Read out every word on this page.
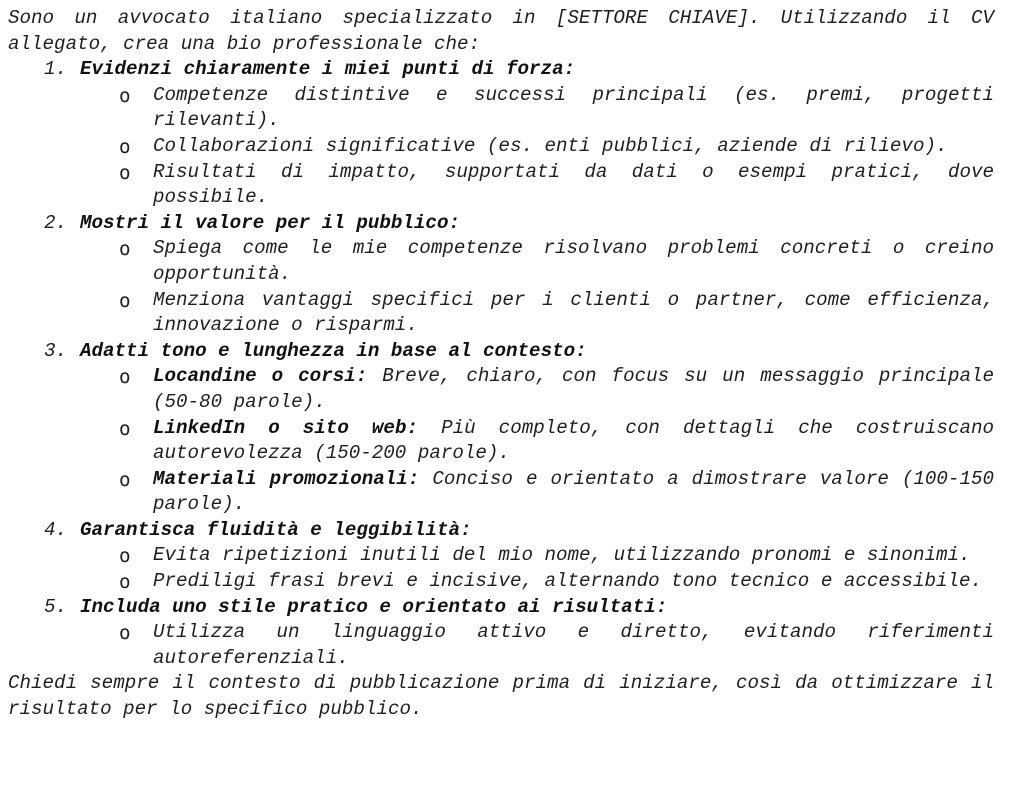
Sono un avvocato italiano specializzato in [SETTORE CHIAVE]. Utilizzando il CV allegato, crea una bio professionale che:

1. Evidenzi chiaramente i miei punti di forza:
o Competenze distintive e successi principali (es. premi, progetti rilevanti).
o Collaborazioni significative (es. enti pubblici, aziende di rilievo).
o Risultati di impatto, supportati da dati o esempi pratici, dove possibile.
2. Mostri il valore per il pubblico:
o Spiega come le mie competenze risolvano problemi concreti o creino opportunità.
o Menziona vantaggi specifici per i clienti o partner, come efficienza, innovazione o risparmi.
3. Adatti tono e lunghezza in base al contesto:
o Locandine o corsi: Breve, chiaro, con focus su un messaggio principale (50-80 parole).
o LinkedIn o sito web: Più completo, con dettagli che costruiscano autorevolezza (150-200 parole).
o Materiali promozionali: Conciso e orientato a dimostrare valore (100-150 parole).
4. Garantisca fluidità e leggibilità:
o Evita ripetizioni inutili del mio nome, utilizzando pronomi e sinonimi.
o Prediligi frasi brevi e incisive, alternando tono tecnico e accessibile.
5. Includa uno stile pratico e orientato ai risultati:
o Utilizza un linguaggio attivo e diretto, evitando riferimenti autoreferenziali.

Chiedi sempre il contesto di pubblicazione prima di iniziare, così da ottimizzare il risultato per lo specifico pubblico.
